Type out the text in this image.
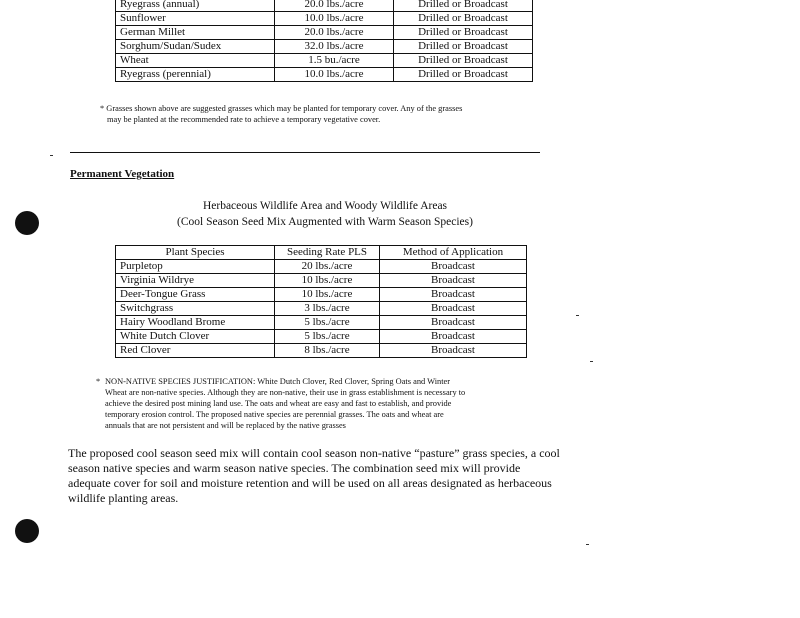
Ryegrass (annual)	20.0 lbs./acre	Drilled or Broadcast
Sunflower	10.0 lbs./acre	Drilled or Broadcast
German Millet	20.0 lbs./acre	Drilled or Broadcast
Sorghum/Sudan/Sudex	32.0 lbs./acre	Drilled or Broadcast
Wheat	1.5 bu./acre	Drilled or Broadcast
Ryegrass (perennial)	10.0 lbs./acre	Drilled or Broadcast
* Grasses shown above are suggested grasses which may be planted for temporary cover. Any of the grasses
may be planted at the recommended rate to achieve a temporary vegetative cover.
Permanent Vegetation
Herbaceous Wildlife Area and Woody Wildlife Areas
(Cool Season Seed Mix Augmented with Warm Season Species)
Plant Species	Seeding Rate PLS	Method of Application
Purpletop	20 lbs./acre	Broadcast
Virginia Wildrye	10 lbs./acre	Broadcast
Deer-Tongue Grass	10 lbs./acre	Broadcast
Switchgrass	3 lbs./acre	Broadcast
Hairy Woodland Brome	5 lbs./acre	Broadcast
White Dutch Clover	5 lbs./acre	Broadcast
Red Clover	8 lbs./acre	Broadcast
* NON-NATIVE SPECIES JUSTIFICATION: White Dutch Clover, Red Clover, Spring Oats and Winter
Wheat are non-native species. Although they are non-native, their use in grass establishment is necessary to
achieve the desired post mining land use. The oats and wheat are easy and fast to establish, and provide
temporary erosion control. The proposed native species are perennial grasses. The oats and wheat are
annuals that are not persistent and will be replaced by the native grasses
The proposed cool season seed mix will contain cool season non-native “pasture” grass species, a cool
season native species and warm season native species. The combination seed mix will provide
adequate cover for soil and moisture retention and will be used on all areas designated as herbaceous
wildlife planting areas.
